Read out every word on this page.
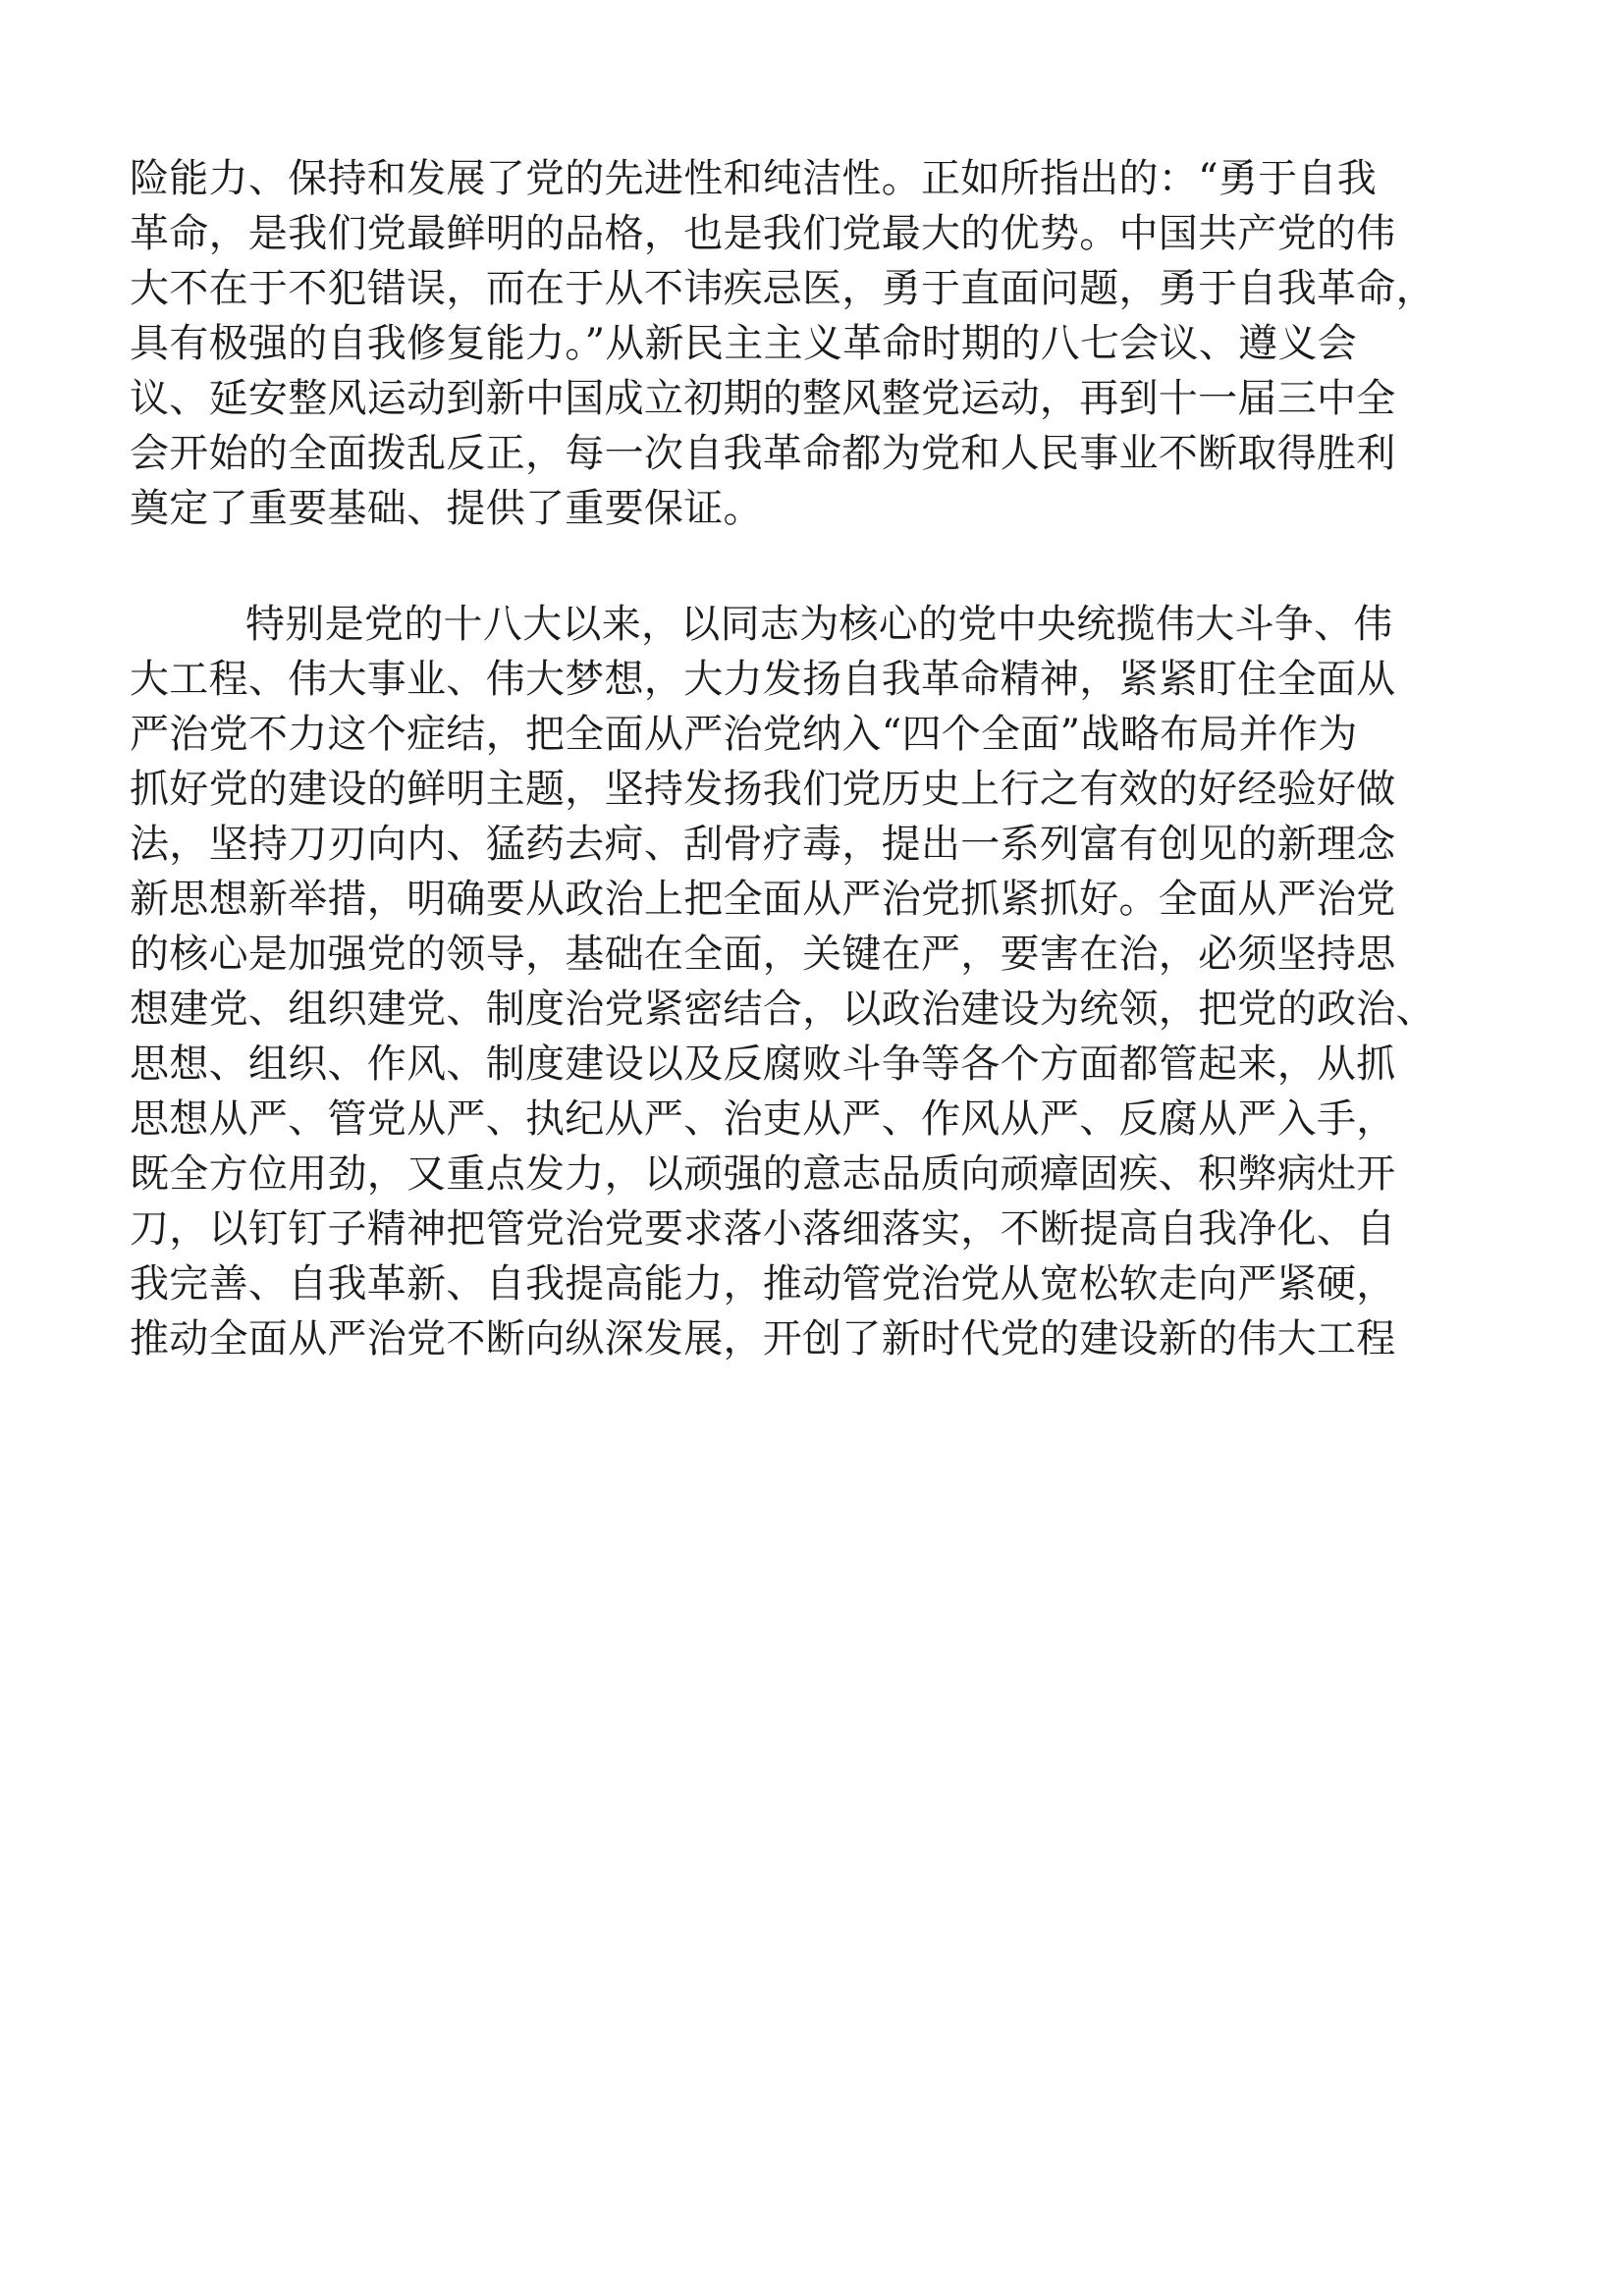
险能力、保持和发展了党的先进性和纯洁性。正如所指出的：“勇于自我
革命，是我们党最鲜明的品格，也是我们党最大的优势。中国共产党的伟
大不在于不犯错误，而在于从不讳疾忌医，勇于直面问题，勇于自我革命，
具有极强的自我修复能力。”从新民主主义革命时期的八七会议、遵义会
议、延安整风运动到新中国成立初期的整风整党运动，再到十一届三中全
会开始的全面拨乱反正，每一次自我革命都为党和人民事业不断取得胜利
奠定了重要基础、提供了重要保证。
特别是党的十八大以来，以同志为核心的党中央统揽伟大斗争、伟
大工程、伟大事业、伟大梦想，大力发扬自我革命精神，紧紧盯住全面从
严治党不力这个症结，把全面从严治党纳入“四个全面”战略布局并作为
抓好党的建设的鲜明主题，坚持发扬我们党历史上行之有效的好经验好做
法，坚持刀刃向内、猛药去疴、刮骨疗毒，提出一系列富有创见的新理念
新思想新举措，明确要从政治上把全面从严治党抓紧抓好。全面从严治党
的核心是加强党的领导，基础在全面，关键在严，要害在治，必须坚持思
想建党、组织建党、制度治党紧密结合，以政治建设为统领，把党的政治、
思想、组织、作风、制度建设以及反腐败斗争等各个方面都管起来，从抓
思想从严、管党从严、执纪从严、治吏从严、作风从严、反腐从严入手，
既全方位用劲，又重点发力，以顽强的意志品质向顽瘴固疾、积弊病灶开
刀，以钉钉子精神把管党治党要求落小落细落实，不断提高自我净化、自
我完善、自我革新、自我提高能力，推动管党治党从宽松软走向严紧硬，
推动全面从严治党不断向纵深发展，开创了新时代党的建设新的伟大工程
